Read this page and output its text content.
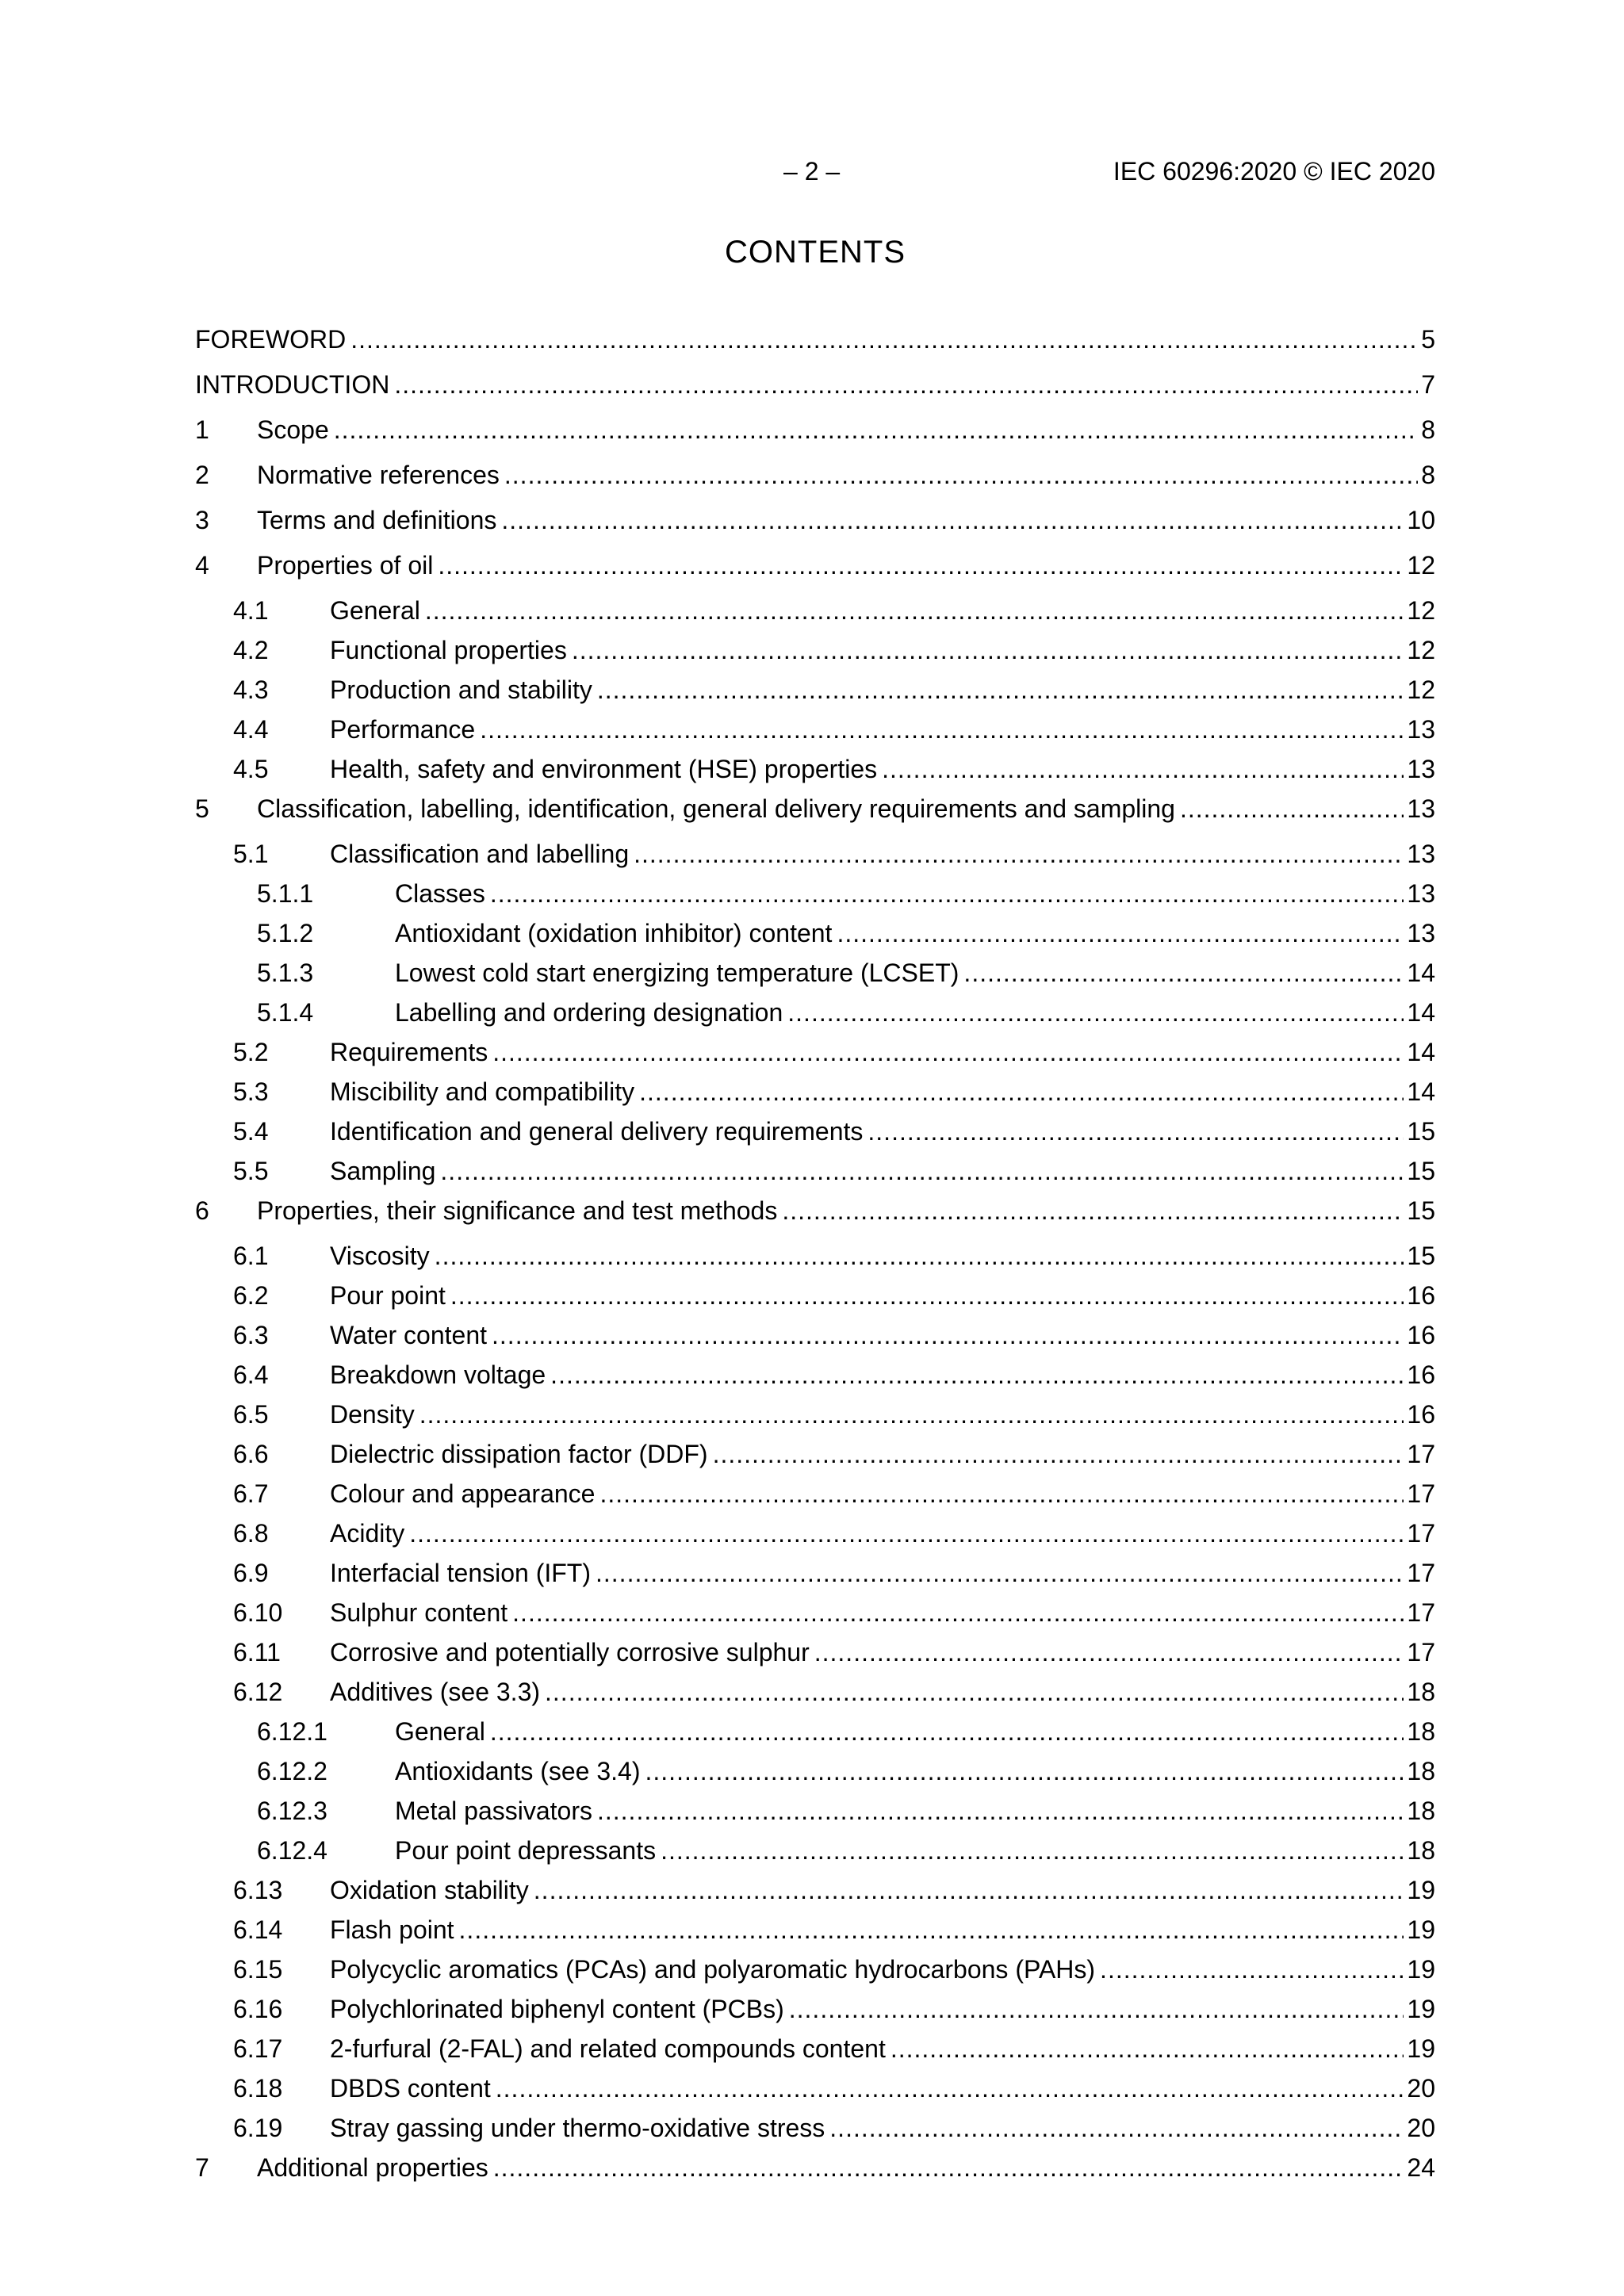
– 2 –	IEC 60296:2020 © IEC 2020
CONTENTS
FOREWORD .....	5
INTRODUCTION .....	7
1	Scope .....	8
2	Normative references .....	8
3	Terms and definitions .....	10
4	Properties of oil .....	12
4.1	General .....	12
4.2	Functional properties .....	12
4.3	Production and stability .....	12
4.4	Performance .....	13
4.5	Health, safety and environment (HSE) properties .....	13
5	Classification, labelling, identification, general delivery requirements and sampling .....	13
5.1	Classification and labelling .....	13
5.1.1	Classes .....	13
5.1.2	Antioxidant (oxidation inhibitor) content .....	13
5.1.3	Lowest cold start energizing temperature (LCSET) .....	14
5.1.4	Labelling and ordering designation .....	14
5.2	Requirements .....	14
5.3	Miscibility and compatibility .....	14
5.4	Identification and general delivery requirements .....	15
5.5	Sampling .....	15
6	Properties, their significance and test methods .....	15
6.1	Viscosity .....	15
6.2	Pour point .....	16
6.3	Water content .....	16
6.4	Breakdown voltage .....	16
6.5	Density .....	16
6.6	Dielectric dissipation factor (DDF) .....	17
6.7	Colour and appearance .....	17
6.8	Acidity .....	17
6.9	Interfacial tension (IFT) .....	17
6.10	Sulphur content .....	17
6.11	Corrosive and potentially corrosive sulphur .....	17
6.12	Additives (see 3.3) .....	18
6.12.1	General .....	18
6.12.2	Antioxidants (see 3.4) .....	18
6.12.3	Metal passivators .....	18
6.12.4	Pour point depressants .....	18
6.13	Oxidation stability .....	19
6.14	Flash point .....	19
6.15	Polycyclic aromatics (PCAs) and polyaromatic hydrocarbons (PAHs) .....	19
6.16	Polychlorinated biphenyl content (PCBs) .....	19
6.17	2-furfural (2-FAL) and related compounds content .....	19
6.18	DBDS content .....	20
6.19	Stray gassing under thermo-oxidative stress .....	20
7	Additional properties .....	24
